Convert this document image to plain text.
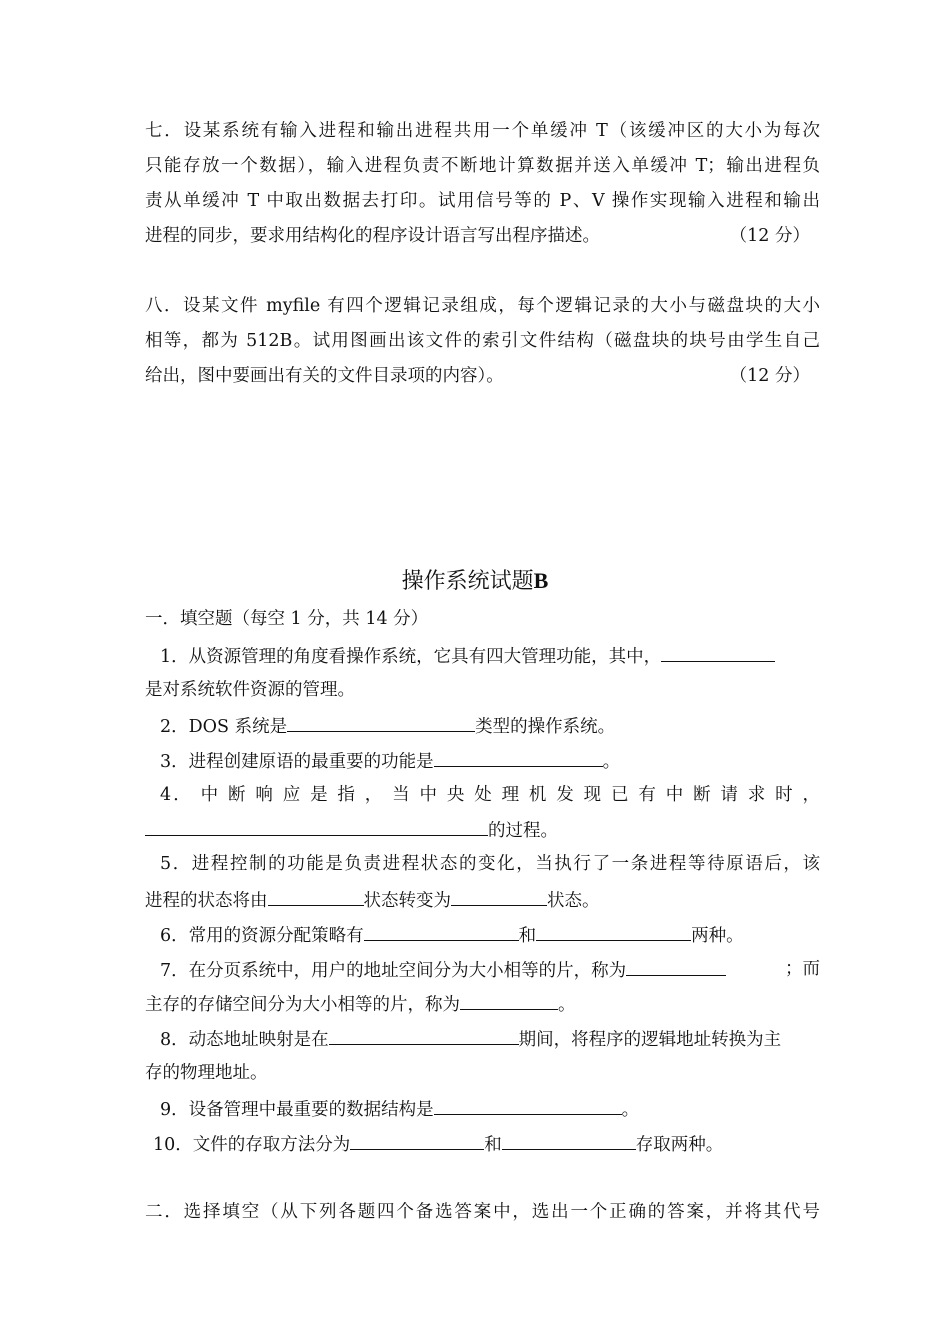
七．设某系统有输入进程和输出进程共用一个单缓冲 T（该缓冲区的大小为每次
只能存放一个数据），输入进程负责不断地计算数据并送入单缓冲 T；输出进程负
责从单缓冲 T 中取出数据去打印。试用信号等的 P、V 操作实现输入进程和输出
进程的同步，要求用结构化的程序设计语言写出程序描述。	（12 分）
八．设某文件 myfile 有四个逻辑记录组成，每个逻辑记录的大小与磁盘块的大小
相等，都为 512B。试用图画出该文件的索引文件结构（磁盘块的块号由学生自己
给出，图中要画出有关的文件目录项的内容）。	（12 分）
操作系统试题B
一．填空题（每空 1 分，共 14 分）
1．从资源管理的角度看操作系统，它具有四大管理功能，其中，
是对系统软件资源的管理。
2．DOS 系统是	类型的操作系统。
3．进程创建原语的最重要的功能是	。
4． 中 断 响 应 是 指 ， 当 中 央 处 理 机 发 现 已 有 中 断 请 求 时 ，
的过程。
5．进程控制的功能是负责进程状态的变化，当执行了一条进程等待原语后，该
进程的状态将由	状态转变为	状态。
6．常用的资源分配策略有	和	两种。
7．在分页系统中，用户的地址空间分为大小相等的片，称为	；而
主存的存储空间分为大小相等的片，称为	。
8．动态地址映射是在	期间，将程序的逻辑地址转换为主
存的物理地址。
9．设备管理中最重要的数据结构是	。
10．文件的存取方法分为	和	存取两种。
二．选择填空（从下列各题四个备选答案中，选出一个正确的答案，并将其代号
